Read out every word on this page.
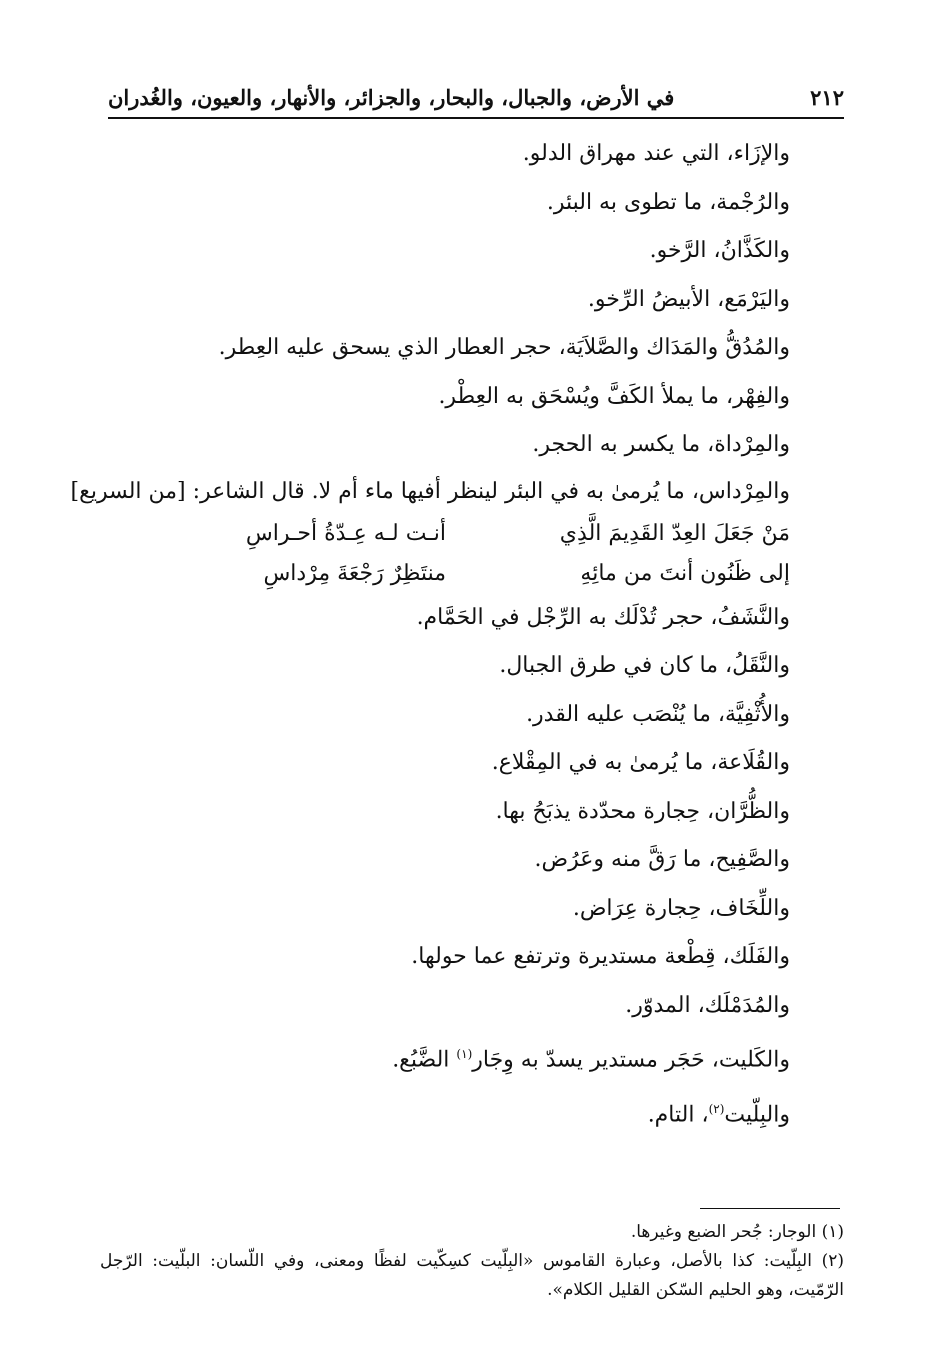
٢١٢
في الأرض، والجبال، والبحار، والجزائر، والأنهار، والعيون، والغُدران
والإزَاء، التي عند مهراق الدلو.
والرُجْمة، ما تطوى به البئر.
والكَذَّانُ، الرَّخو.
واليَرْمَع، الأبيضُ الرِّخو.
والمُدُقُّ والمَدَاك والصَّلاَيَة، حجر العطار الذي يسحق عليه العِطر.
والفِهْر، ما يملأ الكَفَّ ويُسْحَق به العِطْر.
والمِرْداة، ما يكسر به الحجر.
والمِرْداس، ما يُرمىٰ به في البئر لينظر أفيها ماء أم لا. قال الشاعر: [من السريع]
مَنْ جَعَلَ العِدّ القَدِيمَ الَّذِي
أنـت لـه عِـدّةُ أحـراسِ
إلى ظَنُون أنتَ من مائِهِ
منتَظِرٌ رَجْعَةَ مِرْداسِ
والنَّشَفُ، حجر تُدْلَك به الرِّجْل في الحَمَّام.
والنَّقَلُ، ما كان في طرق الجبال.
والأُثْفِيَّة، ما يُنْصَب عليه القدر.
والقُلَاعة، ما يُرمىٰ به في المِقْلاع.
والظُّرَّان، حِجارة محدّدة يذبَحُ بها.
والصَّفِيح، ما رَقَّ منه وعَرُض.
واللِّخَاف، حِجارة عِرَاض.
والفَلَك، قِطْعة مستديرة وترتفع عما حولها.
والمُدَمْلَك، المدوّر.
والكَليت، حَجَر مستدير يسدّ به وِجَار$^{(١)}$ الضَّبُع.
والبِلّيت$^{(٢)}$، التام.
(١) الوجار: جُحر الضبع وغيرها.
(٢) البِلّيت: كذا بالأصل، وعبارة القاموس «البِلّيت كسِكّيت لفظًا ومعنى، وفي اللّسان: البلّيت: الرّجل الرّمّيت، وهو الحليم السّكن القليل الكلام».
